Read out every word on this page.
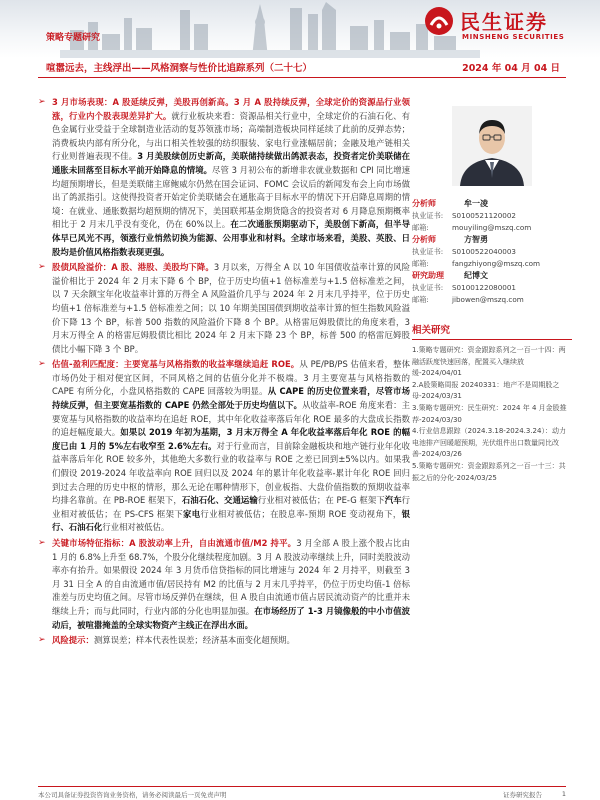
民生证券
MINSHENG SECURITIES
策略专题研究
喧嚣远去，主线浮出——风格洞察与性价比追踪系列（二十七）	2024 年 04 月 04 日
➢ 3 月市场表现：A 股延续反弹，美股再创新高。3 月 A 股持续反弹，全球定价的资源品行业领涨，行业内个股表现差异扩大。就行业板块来看：资源品相关行业中，全球定价的石油石化、有色金属行业受益于全球制造业活动的复苏领涨市场；高端制造板块同样延续了此前的反弹态势；消费板块内部有所分化，与出口相关性较强的纺织服装、家电行业涨幅居前；金融及地产链相关行业则普遍表现不佳。3 月美股续创历史新高，美联储持续做出鸽派表态，投资者定价美联储在通胀未回落至目标水平前开始降息的情境。尽管 3 月初公布的新增非农就业数据和 CPI 同比增速均超预期增长，但是美联储主席鲍威尔仍然在国会证词、FOMC 会议后的新闻发布会上向市场做出了鸽派指引。这使得投资者开始定价美联储会在通胀高于目标水平的情况下开启降息周期的情境：在就业、通胀数据均超预期的情况下，美国联邦基金期货隐含的投资者对 6 月降息预期概率相比于 2 月末几乎没有变化，仍在 60%以上。在二次通胀预期驱动下，美股创下新高，但半导体早已风光不再，领涨行业悄然切换为能源、公用事业和材料。全球市场来看，美股、英股、日股均是价值风格指数表现更强。
➢ 股债风险溢价：A 股、港股、美股均下降。3 月以来，万得全 A 以 10 年国债收益率计算的风险溢价相比于 2024 年 2 月末下降 6 个 BP，位于历史均值+1 倍标准差与+1.5 倍标准差之间，以 7 天余额宝年化收益率计算的万得全 A 风险溢价几乎与 2024 年 2 月末几乎持平，位于历史均值+1 倍标准差与+1.5 倍标准差之间；以 10 年期美国国债到期收益率计算的恒生指数风险溢价下降 13 个 BP，标普 500 指数的风险溢价下降 8 个 BP。从格雷厄姆股债比的角度来看，3 月末万得全 A 的格雷厄姆股债比相比 2024 年 2 月末下降 23 个 BP，标普 500 的格雷厄姆股债比小幅下降 3 个 BP。
➢ 估值-盈利匹配度：主要宽基与风格指数的收益率继续追赶 ROE。从 PE/PB/PS 估值来看，整体市场仍处于相对便宜区间，不同风格之间的估值分化并不极端。3 月主要宽基与风格指数的 CAPE 有所分化，小盘风格指数的 CAPE 回落较为明显。从 CAPE 的历史位置来看，尽管市场持续反弹，但主要宽基指数的 CAPE 仍然全部处于历史均值以下。从收益率-ROE 角度来看：主要宽基与风格指数的收益率均在追赶 ROE，其中年化收益率落后年化 ROE 最多的大盘成长指数的追赶幅度最大。如果以 2019 年初为基期，3 月末万得全 A 年化收益率落后年化 ROE 的幅度已由 1 月的 5%左右收窄至 2.6%左右。对于行业而言，目前除金融板块和地产链行业年化收益率落后年化 ROE 较多外，其他绝大多数行业的收益率与 ROE 之差已回到±5%以内。如果我们假设 2019-2024 年收益率向 ROE 回归以及 2024 年的累计年化收益率-累计年化 ROE 回归到过去合理的历史中枢的情形，那么无论在哪种情形下，创业板指、大盘价值指数的预期收益率均排名靠前。在 PB-ROE 框架下，石油石化、交通运输行业相对被低估；在 PE-G 框架下汽车行业相对被低估；在 PS-CFS 框架下家电行业相对被低估；在股息率-预期 ROE 变动视角下，银行、石油石化行业相对被低估。
➢ 关键市场特征指标：A 股波动率上升，自由流通市值/M2 持平。3 月全部 A 股上涨个股占比由 1 月的 6.8%上升至 68.7%，个股分化继续程度加剧。3 月 A 股波动率继续上升，同时美股波动率亦有抬升。如果假设 2024 年 3 月货币信贷指标的同比增速与 2024 年 2 月持平，则截至 3 月 31 日全 A 的自由流通市值/居民持有 M2 的比值与 2 月末几乎持平，仍位于历史均值-1 倍标准差与历史均值之间。尽管市场反弹仍在继续，但 A 股自由流通市值占居民流动资产的比重并未继续上升；而与此同时，行业内部的分化也明显加强。在市场经历了 1-3 月镜像般的中小市值波动后，被喧嚣掩盖的全球实物资产主线正在浮出水面。
➢ 风险提示：测算误差；样本代表性误差；经济基本面变化超预期。
分析师	牟一凌
执业证书:	S0100521120002
邮箱:	mouyiling@mszq.com
分析师	方智勇
执业证书:	S0100522040003
邮箱:	fangzhiyong@mszq.com
研究助理	纪博文
执业证书:	S0100122080001
邮箱:	jibowen@mszq.com
相关研究
1.策略专题研究：资金跟踪系列之一百一十四：两融活跃度快速回落，配置买入继续放缓-2024/04/01
2.A股策略周报 20240331：地产不是周期股之母-2024/03/31
3.策略专题研究：民生研究：2024 年 4 月金股推荐-2024/03/30
4.行业信息跟踪（2024.3.18-2024.3.24）：动力电池排产回暖超预期，光伏组件出口数量同比改善-2024/03/26
5.策略专题研究：资金跟踪系列之一百一十三：共振之后的分化-2024/03/25
本公司具备证券投资咨询业务资格，请务必阅读最后一页免责声明	证券研究报告	1
